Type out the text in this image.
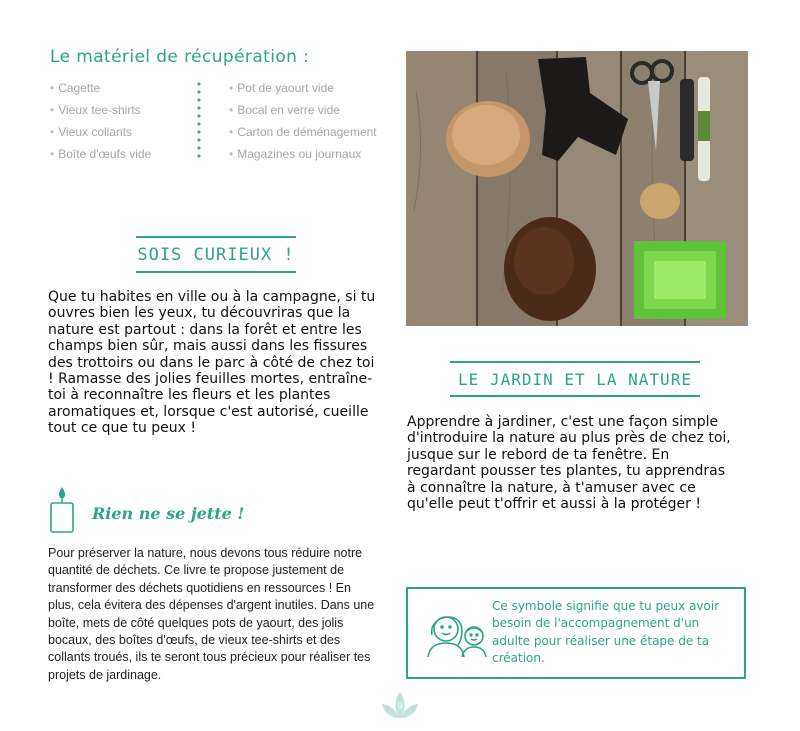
Le matériel de récupération :
• Cagette
• Vieux tee-shirts
• Vieux collants
• Boîte d'œufs vide
• Pot de yaourt vide
• Bocal en verre vide
• Carton de déménagement
• Magazines ou journaux
SOIS CURIEUX !

Que tu habites en ville ou à la campagne, si tu ouvres bien les yeux, tu découvriras que la nature est partout : dans la forêt et entre les champs bien sûr, mais aussi dans les fissures des trottoirs ou dans le parc à côté de chez toi ! Ramasse des jolies feuilles mortes, entraîne-toi à reconnaître les fleurs et les plantes aromatiques et, lorsque c'est autorisé, cueille tout ce que tu peux !

LE JARDIN ET LA NATURE

Apprendre à jardiner, c'est une façon simple d'introduire la nature au plus près de chez toi, jusque sur le rebord de ta fenêtre. En regardant pousser tes plantes, tu apprendras à connaître la nature, à t'amuser avec ce qu'elle peut t'offrir et aussi à la protéger !

Rien ne se jette !

Pour préserver la nature, nous devons tous réduire notre quantité de déchets. Ce livre te propose justement de transformer des déchets quotidiens en ressources ! En plus, cela évitera des dépenses d'argent inutiles. Dans une boîte, mets de côté quelques pots de yaourt, des jolis bocaux, des boîtes d'œufs, de vieux tee-shirts et des collants troués, ils te seront tous précieux pour réaliser tes projets de jardinage.

Ce symbole signifie que tu peux avoir besoin de l'accompagnement d'un adulte pour réaliser une étape de ta création.
9
